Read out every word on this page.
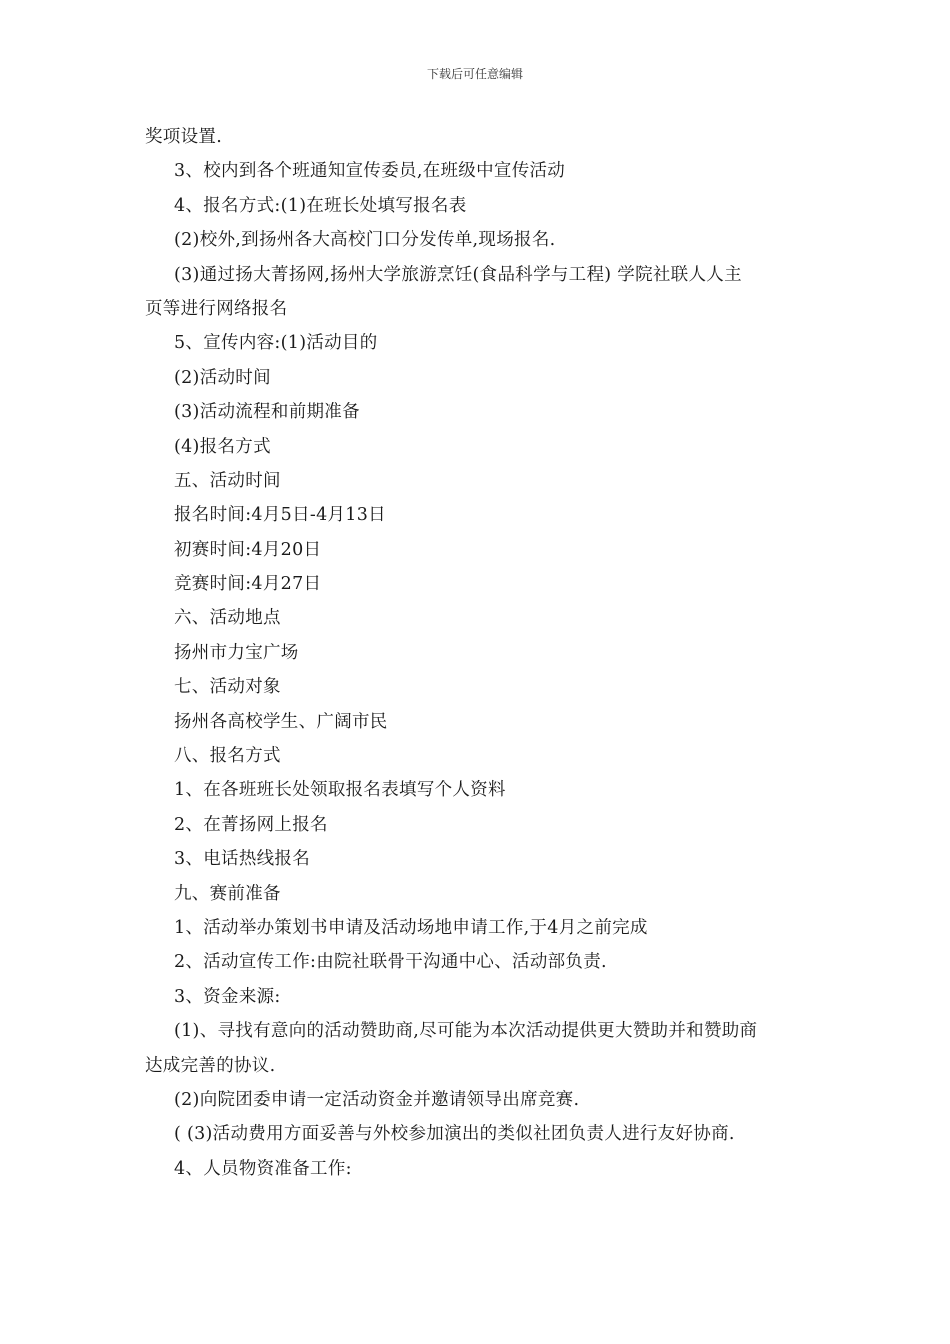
下载后可任意编辑
奖项设置.
3、校内到各个班通知宣传委员,在班级中宣传活动
4、报名方式:(1)在班长处填写报名表
(2)校外,到扬州各大高校门口分发传单,现场报名.
(3)通过扬大菁扬网,扬州大学旅游烹饪(食品科学与工程) 学院社联人人主
页等进行网络报名
5、宣传内容:(1)活动目的
(2)活动时间
(3)活动流程和前期准备
(4)报名方式
五、活动时间
报名时间:4月5日-4月13日
初赛时间:4月20日
竞赛时间:4月27日
六、活动地点
扬州市力宝广场
七、活动对象
扬州各高校学生、广阔市民
八、报名方式
1、在各班班长处领取报名表填写个人资料
2、在菁扬网上报名
3、电话热线报名
九、赛前准备
1、活动举办策划书申请及活动场地申请工作,于4月之前完成
2、活动宣传工作:由院社联骨干沟通中心、活动部负责.
3、资金来源:
(1)、寻找有意向的活动赞助商,尽可能为本次活动提供更大赞助并和赞助商
达成完善的协议.
(2)向院团委申请一定活动资金并邀请领导出席竞赛.
( (3)活动费用方面妥善与外校参加演出的类似社团负责人进行友好协商.
4、人员物资准备工作:
